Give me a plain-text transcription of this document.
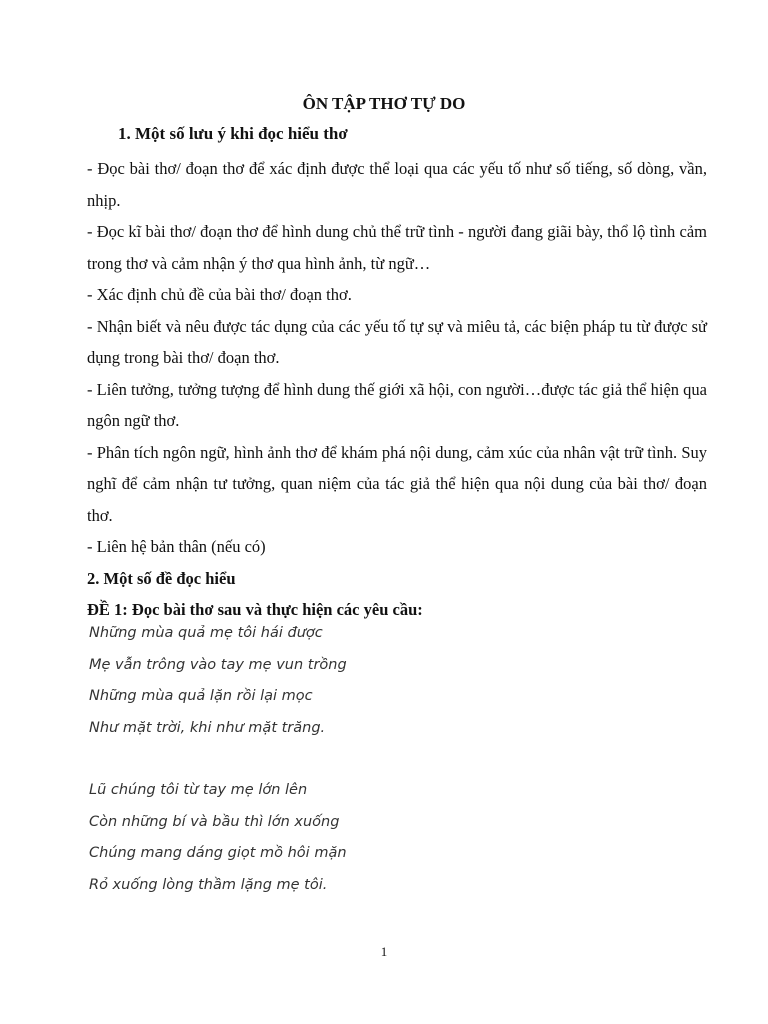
ÔN TẬP THƠ TỰ DO
1. Một số lưu ý khi đọc hiểu thơ

- Đọc bài thơ/ đoạn thơ để xác định được thể loại qua các yếu tố như số tiếng, số dòng, vần, nhịp.

- Đọc kĩ bài thơ/ đoạn thơ để hình dung chủ thể trữ tình - người đang giãi bày, thổ lộ tình cảm trong thơ và cảm nhận ý thơ qua hình ảnh, từ ngữ…

- Xác định chủ đề của bài thơ/ đoạn thơ.

- Nhận biết và nêu được tác dụng của các yếu tố tự sự và miêu tả, các biện pháp tu từ được sử dụng trong bài thơ/ đoạn thơ.

- Liên tưởng, tưởng tượng để hình dung thế giới xã hội, con người…được tác giả thể hiện qua ngôn ngữ thơ.

- Phân tích ngôn ngữ, hình ảnh thơ để khám phá nội dung, cảm xúc của nhân vật trữ tình. Suy nghĩ để cảm nhận tư tưởng, quan niệm của tác giả thể hiện qua nội dung của bài thơ/ đoạn thơ.

- Liên hệ bản thân (nếu có)

2. Một số đề đọc hiểu

ĐỀ 1: Đọc bài thơ sau và thực hiện các yêu cầu:

Những mùa quả mẹ tôi hái được

Mẹ vẫn trông vào tay mẹ vun trồng

Những mùa quả lặn rồi lại mọc

Như mặt trời, khi như mặt trăng.

Lũ chúng tôi từ tay mẹ lớn lên

Còn những bí và bầu thì lớn xuống

Chúng mang dáng giọt mồ hôi mặn

Rỏ xuống lòng thầm lặng mẹ tôi.

1
